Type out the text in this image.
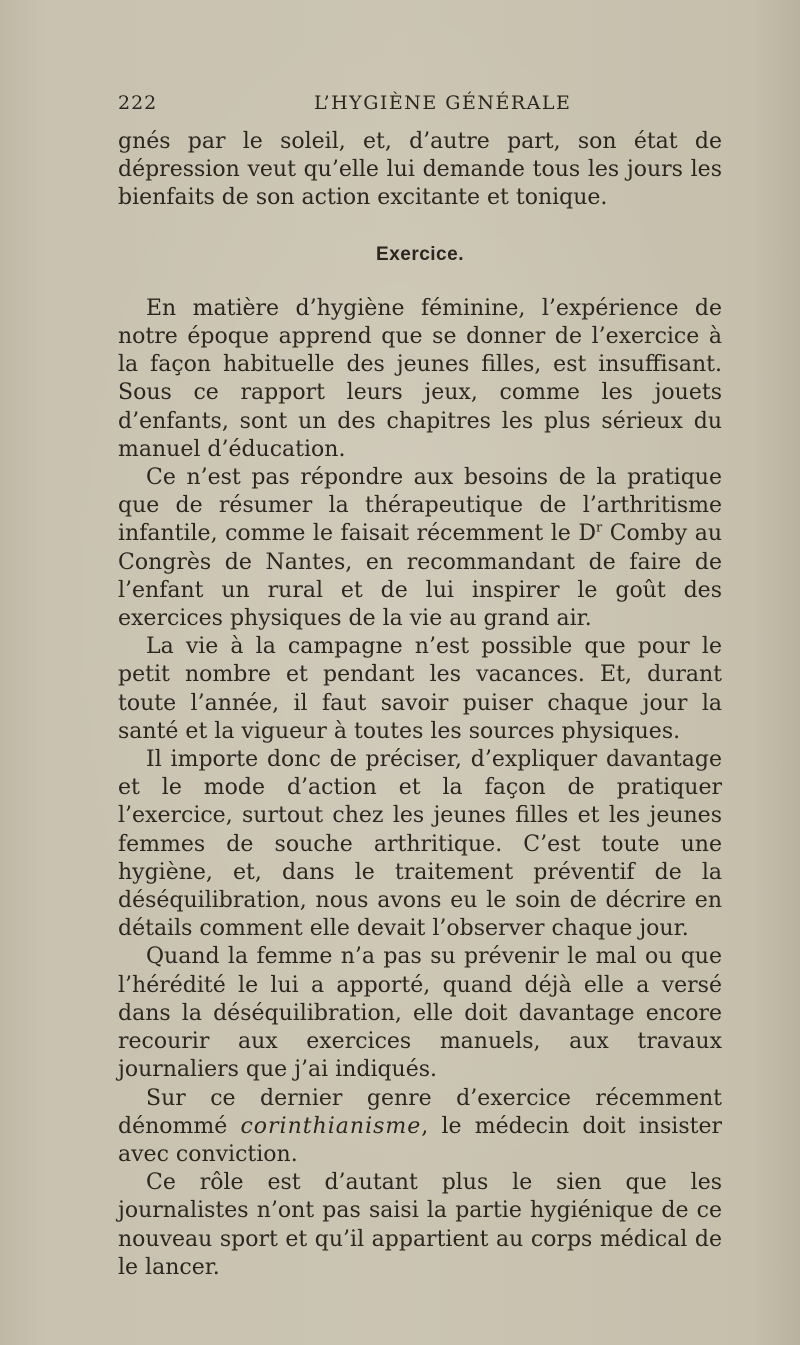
222	L’HYGIÈNE GÉNÉRALE

gnés par le soleil, et, d’autre part, son état de dépression veut qu’elle lui demande tous les jours les bienfaits de son action excitante et tonique.

Exercice.

En matière d’hygiène féminine, l’expérience de notre époque apprend que se donner de l’exercice à la façon habituelle des jeunes filles, est insuffisant. Sous ce rapport leurs jeux, comme les jouets d’enfants, sont un des chapitres les plus sérieux du manuel d’éducation.

Ce n’est pas répondre aux besoins de la pratique que de résumer la thérapeutique de l’arthritisme infantile, comme le faisait récemment le $D^r$ Comby au Congrès de Nantes, en recommandant de faire de l’enfant un rural et de lui inspirer le goût des exercices physiques de la vie au grand air.

La vie à la campagne n’est possible que pour le petit nombre et pendant les vacances. Et, durant toute l’année, il faut savoir puiser chaque jour la santé et la vigueur à toutes les sources physiques.

Il importe donc de préciser, d’expliquer davantage et le mode d’action et la façon de pratiquer l’exercice, surtout chez les jeunes filles et les jeunes femmes de souche arthritique. C’est toute une hygiène, et, dans le traitement préventif de la déséquilibration, nous avons eu le soin de décrire en détails comment elle devait l’observer chaque jour.

Quand la femme n’a pas su prévenir le mal ou que l’hérédité le lui a apporté, quand déjà elle a versé dans la déséquilibration, elle doit davantage encore recourir aux exercices manuels, aux travaux journaliers que j’ai indiqués.

Sur ce dernier genre d’exercice récemment dénommé corinthianisme, le médecin doit insister avec conviction.

Ce rôle est d’autant plus le sien que les journalistes n’ont pas saisi la partie hygiénique de ce nouveau sport et qu’il appartient au corps médical de le lancer.
